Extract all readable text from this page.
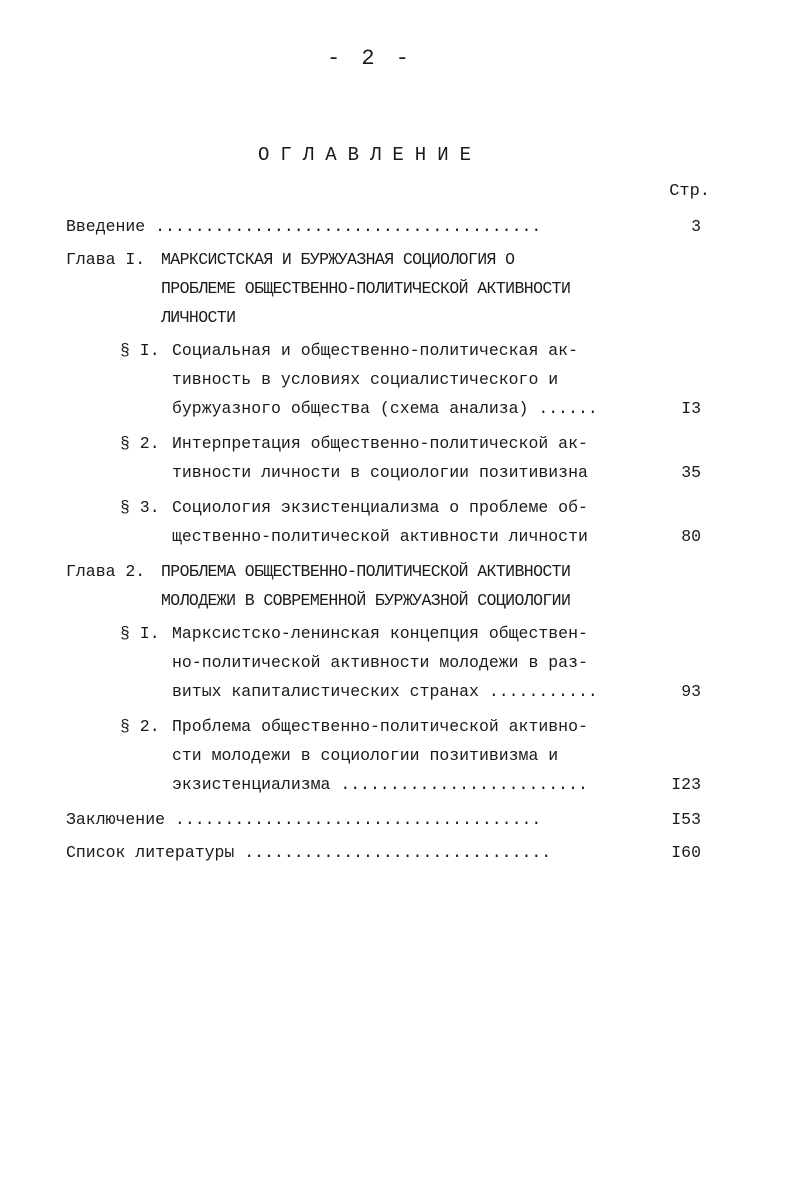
- 2 -
ОГЛАВЛЕНИЕ
Стр.
Введение .......................................	3
Глава I. МАРКСИСТСКАЯ И БУРЖУАЗНАЯ СОЦИОЛОГИЯ О
ПРОБЛЕМЕ ОБЩЕСТВЕННО-ПОЛИТИЧЕСКОЙ АКТИВНОСТИ
ЛИЧНОСТИ
§ I. Социальная и общественно-политическая ак-
тивность в условиях социалистического и
буржуазного общества (схема анализа) ......	I3
§ 2. Интерпретация общественно-политической ак-
тивности личности в социологии позитивизна	35
§ 3. Социология экзистенциализма о проблеме об-
щественно-политической активности личности	80
Глава 2. ПРОБЛЕМА ОБЩЕСТВЕННО-ПОЛИТИЧЕСКОЙ АКТИВНОСТИ
МОЛОДЕЖИ В СОВРЕМЕННОЙ БУРЖУАЗНОЙ СОЦИОЛОГИИ
§ I. Марксистско-ленинская концепция обществен-
но-политической активности молодежи в раз-
витых капиталистических странах ...........	93
§ 2. Проблема общественно-политической активно-
сти молодежи в социологии позитивизма и
экзистенциализма .........................	I23
Заключение .....................................	I53
Список литературы ...............................	I60
